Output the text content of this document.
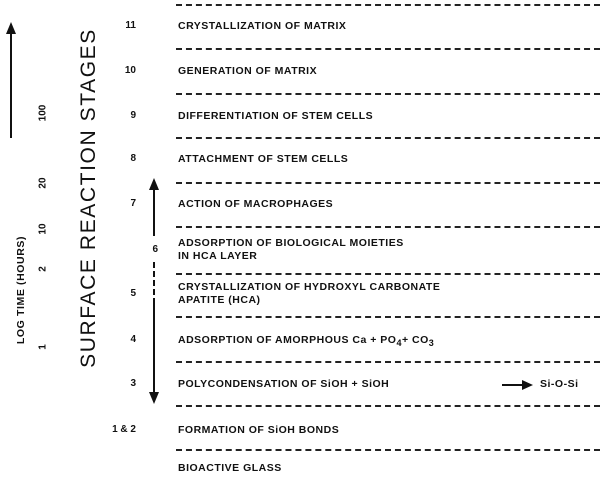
LOG TIME (HOURS)
1
2
10
20
100 SURFACE REACTION STAGES
11
10
9
8
7
6
5
4
3
1 & 2
CRYSTALLIZATION OF MATRIX
GENERATION OF MATRIX
DIFFERENTIATION OF STEM CELLS
ATTACHMENT OF STEM CELLS
ACTION OF MACROPHAGES
ADSORPTION OF BIOLOGICAL MOIETIES
IN HCA LAYER
CRYSTALLIZATION OF HYDROXYL CARBONATE
APATITE (HCA)
ADSORPTION OF AMORPHOUS $Ca + PO_4+ CO_3$
POLYCONDENSATION OF SiOH + SiOH	Si-O-Si
FORMATION OF SiOH BONDS
BIOACTIVE GLASS
